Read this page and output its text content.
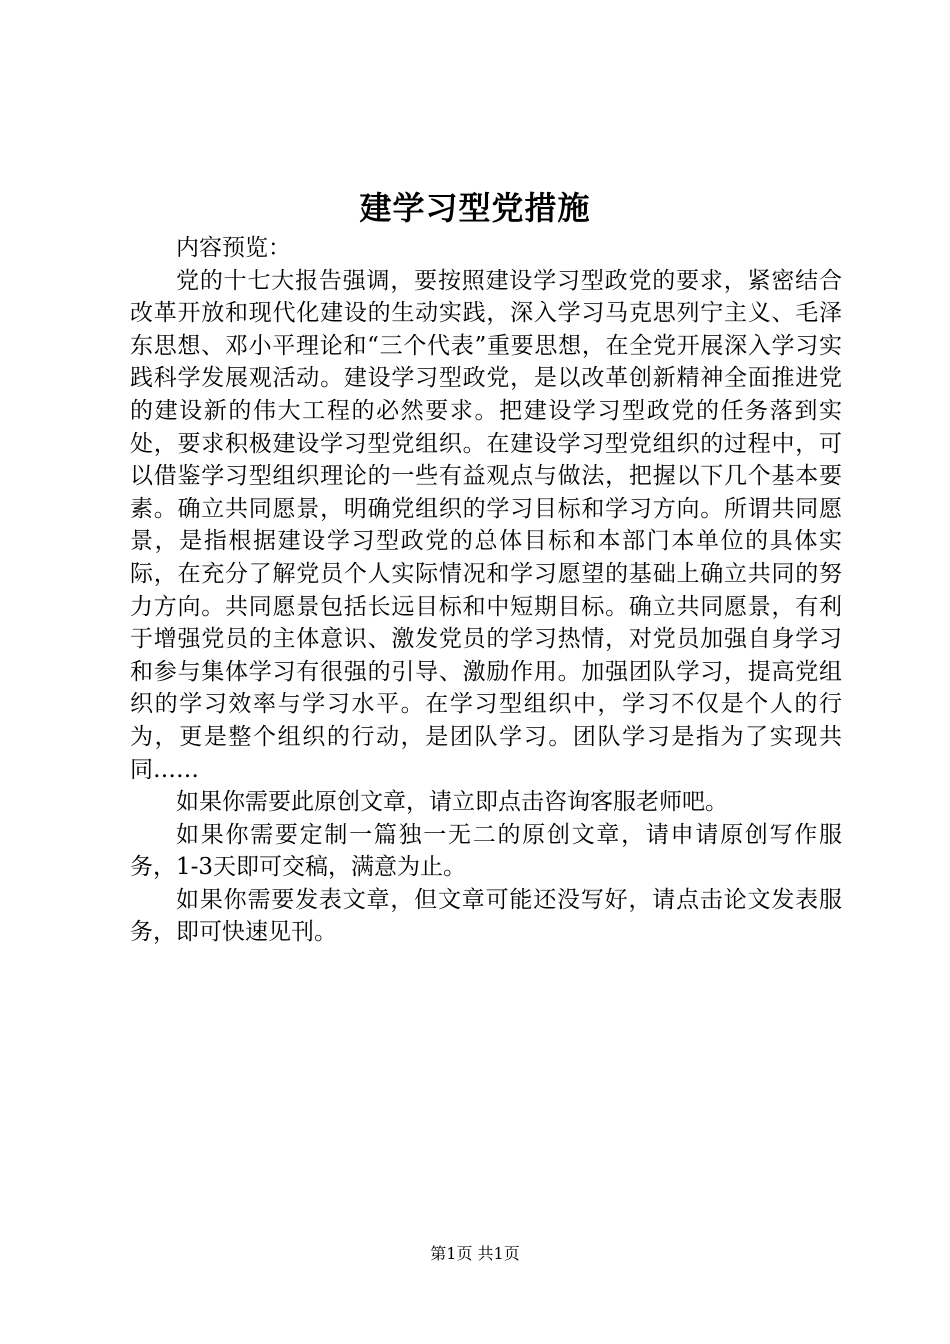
建学习型党措施

内容预览：

党的十七大报告强调，要按照建设学习型政党的要求，紧密结合改革开放和现代化建设的生动实践，深入学习马克思列宁主义、毛泽东思想、邓小平理论和“三个代表”重要思想，在全党开展深入学习实践科学发展观活动。建设学习型政党，是以改革创新精神全面推进党的建设新的伟大工程的必然要求。把建设学习型政党的任务落到实处，要求积极建设学习型党组织。在建设学习型党组织的过程中，可以借鉴学习型组织理论的一些有益观点与做法，把握以下几个基本要素。确立共同愿景，明确党组织的学习目标和学习方向。所谓共同愿景，是指根据建设学习型政党的总体目标和本部门本单位的具体实际，在充分了解党员个人实际情况和学习愿望的基础上确立共同的努力方向。共同愿景包括长远目标和中短期目标。确立共同愿景，有利于增强党员的主体意识、激发党员的学习热情，对党员加强自身学习和参与集体学习有很强的引导、激励作用。加强团队学习，提高党组织的学习效率与学习水平。在学习型组织中，学习不仅是个人的行为，更是整个组织的行动，是团队学习。团队学习是指为了实现共同……

如果你需要此原创文章，请立即点击咨询客服老师吧。

如果你需要定制一篇独一无二的原创文章，请申请原创写作服务，1-3天即可交稿，满意为止。

如果你需要发表文章，但文章可能还没写好，请点击论文发表服务，即可快速见刊。

第1页 共1页
